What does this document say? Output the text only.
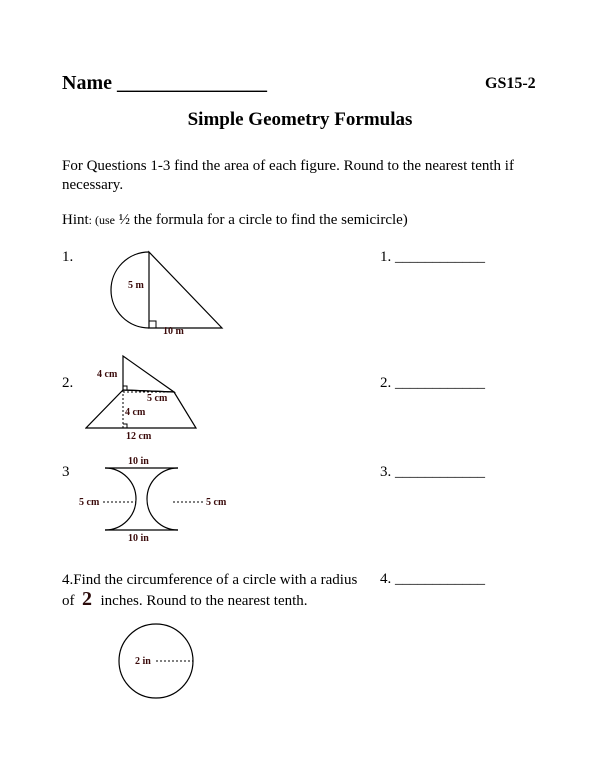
Name _______________	GS15-2
Simple Geometry Formulas
For Questions 1-3 find the area of each figure. Round to the nearest tenth if necessary.
Hint: (use ½ the formula for a circle to find the semicircle)
1.	1. ____________
5 m
10 m
2.	2. ____________
4 cm
5 cm
4 cm
12 cm
3	3. ____________
10 in
5 cm	5 cm
10 in
4.Find the circumference of a circle with a radius
of 2 inches. Round to the nearest tenth.
4. ____________
2 in
